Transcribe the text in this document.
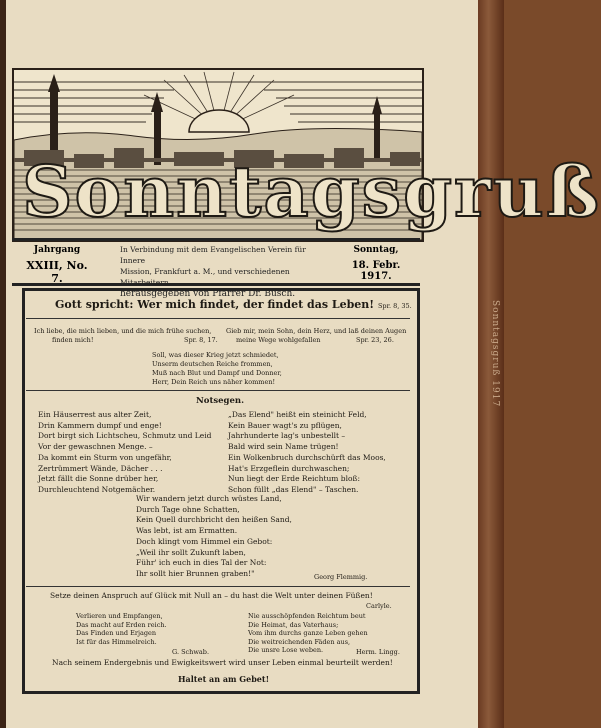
Sonntagsgruß 1917
Sonntagsgruß
Jahrgang
XXIII, No. 7.
In Verbindung mit dem Evangelischen Verein für Innere
Mission, Frankfurt a. M., und verschiedenen Mitarbeitern
herausgegeben von Pfarrer Dr. Busch.
Sonntag,
18. Febr. 1917.
Gott spricht: Wer mich findet, der findet das Leben! Spr. 8, 35.
Ich liebe, die mich lieben, und die mich frühe suchen,
finden mich!	Spr. 8, 17.
Gieb mir, mein Sohn, dein Herz, und laß deinen Augen
meine Wege wohlgefallen	Spr. 23, 26.
Soll, was dieser Krieg jetzt schmiedet,
Unserm deutschen Reiche frommen,
Muß nach Blut und Dampf und Donner,
Herr, Dein Reich uns näher kommen!
Notsegen.
Ein Häuserrest aus alter Zeit,
Drin Kammern dumpf und enge!
Dort birgt sich Lichtscheu, Schmutz und Leid
Vor der gewaschnen Menge. –
Da kommt ein Sturm von ungefähr,
Zertrümmert Wände, Dächer . . .
Jetzt fällt die Sonne drüber her,
Durchleuchtend Notgemächer.
„Das Elend" heißt ein steinicht Feld,
Kein Bauer wagt's zu pflügen,
Jahrhunderte lag's unbestellt –
Bald wird sein Name trügen!
Ein Wolkenbruch durchschürft das Moos,
Hat's Erzgeflein durchwaschen;
Nun liegt der Erde Reichtum bloß:
Schon füllt „das Elend" – Taschen.
Wir wandern jetzt durch wüstes Land,
Durch Tage ohne Schatten,
Kein Quell durchbricht den heißen Sand,
Was lebt, ist am Ermatten.
Doch klingt vom Himmel ein Gebot:
„Weil ihr sollt Zukunft laben,
Führ' ich euch in dies Tal der Not:
Ihr sollt hier Brunnen graben!"	Georg Flemmig.
Setze deinen Anspruch auf Glück mit Null an – du hast die Welt unter deinen Füßen!
Carlyle.
Verlieren und Empfangen,
Das macht auf Erden reich.
Das Finden und Erjagen
Ist für das Himmelreich.
G. Schwab.
Nie ausschöpfenden Reichtum beut
Die Heimat, das Vaterhaus;
Vom ihm durchs ganze Leben gehen
Die weitreichenden Fäden aus,
Die unsre Lose weben.	Herm. Lingg.
Nach seinem Endergebnis und Ewigkeitswert wird unser Leben einmal beurteilt werden!
Haltet an am Gebet!
